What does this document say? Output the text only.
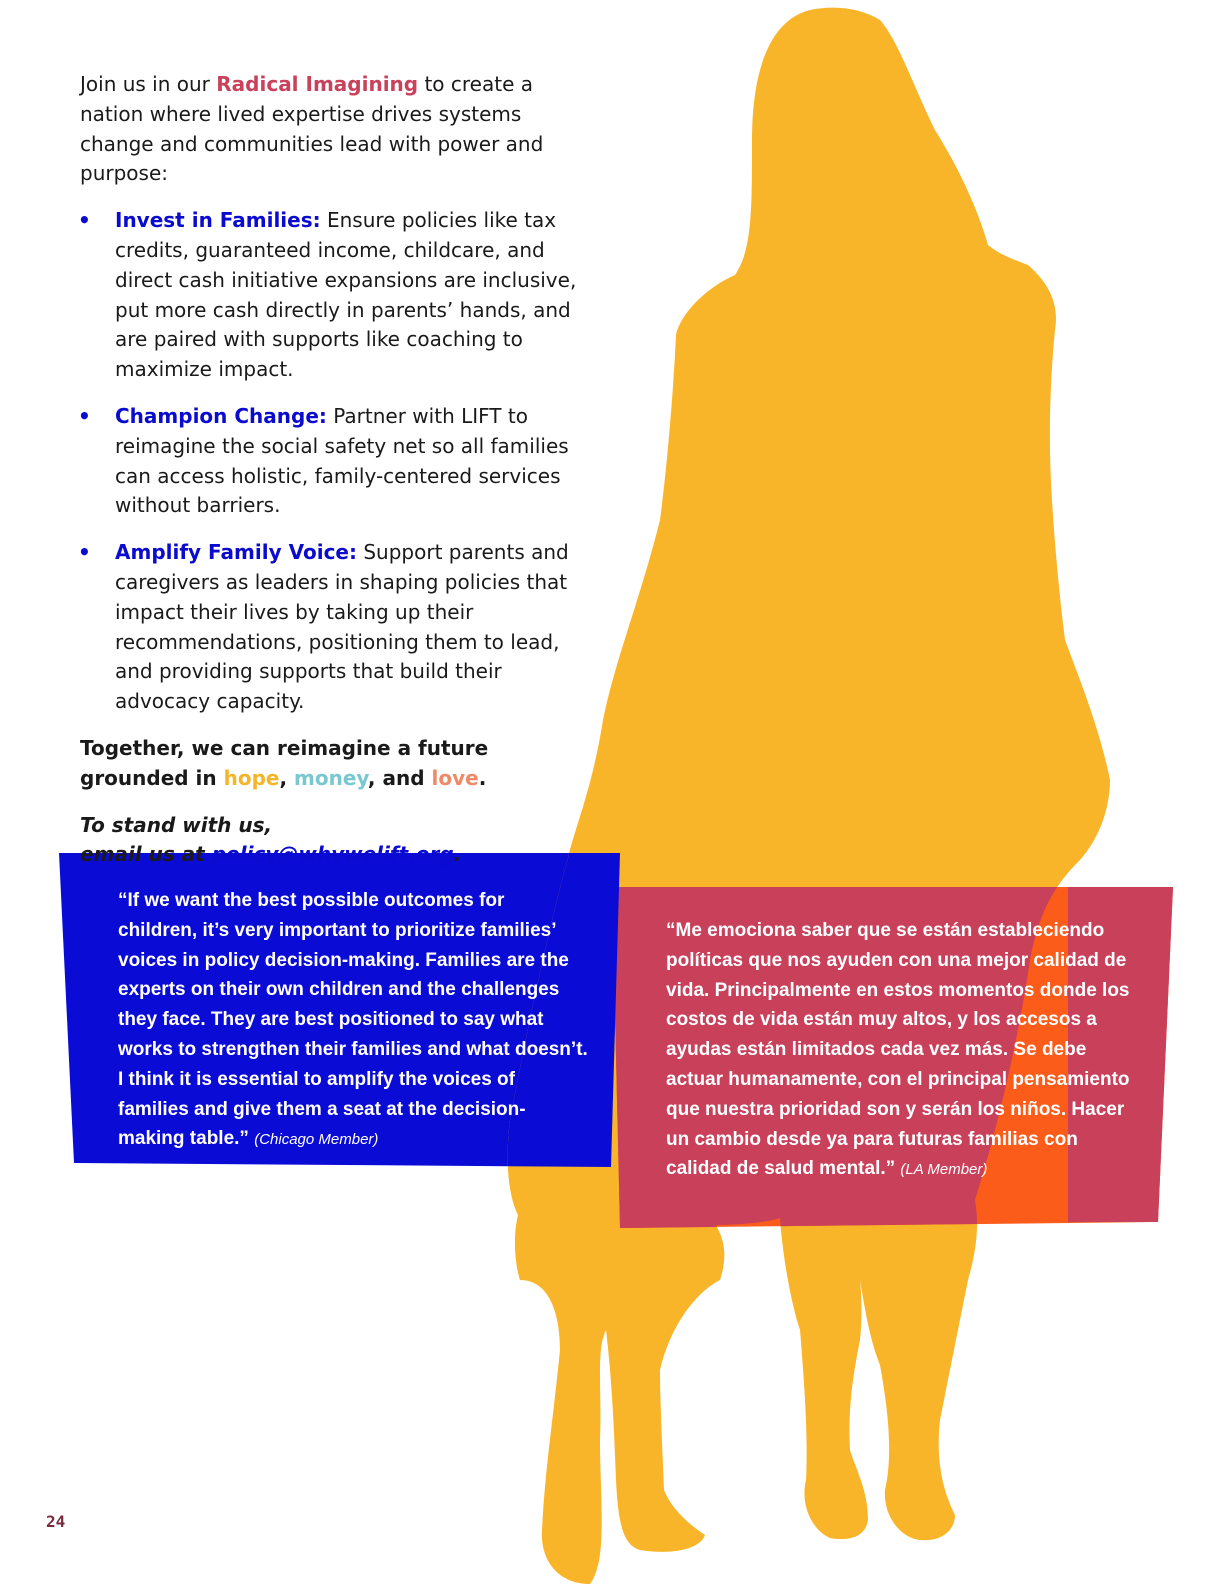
Join us in our Radical Imagining to create a nation where lived expertise drives systems change and communities lead with power and purpose:

• Invest in Families: Ensure policies like tax credits, guaranteed income, childcare, and direct cash initiative expansions are inclusive, put more cash directly in parents’ hands, and are paired with supports like coaching to maximize impact.
• Champion Change: Partner with LIFT to reimagine the social safety net so all families can access holistic, family-centered services without barriers.
• Amplify Family Voice: Support parents and caregivers as leaders in shaping policies that impact their lives by taking up their recommendations, positioning them to lead, and providing supports that build their advocacy capacity.

Together, we can reimagine a future grounded in hope, money, and love.

To stand with us,
email us at policy@whywelift.org.

“If we want the best possible outcomes for children, it’s very important to prioritize families’ voices in policy decision-making. Families are the experts on their own children and the challenges they face. They are best positioned to say what works to strengthen their families and what doesn’t. I think it is essential to amplify the voices of families and give them a seat at the decision-making table.” (Chicago Member)
“Me emociona saber que se están estableciendo políticas que nos ayuden con una mejor calidad de vida. Principalmente en estos momentos donde los costos de vida están muy altos, y los accesos a ayudas están limitados cada vez más. Se debe actuar humanamente, con el principal pensamiento que nuestra prioridad son y serán los niños. Hacer un cambio desde ya para futuras familias con calidad de salud mental.” (LA Member)
24
